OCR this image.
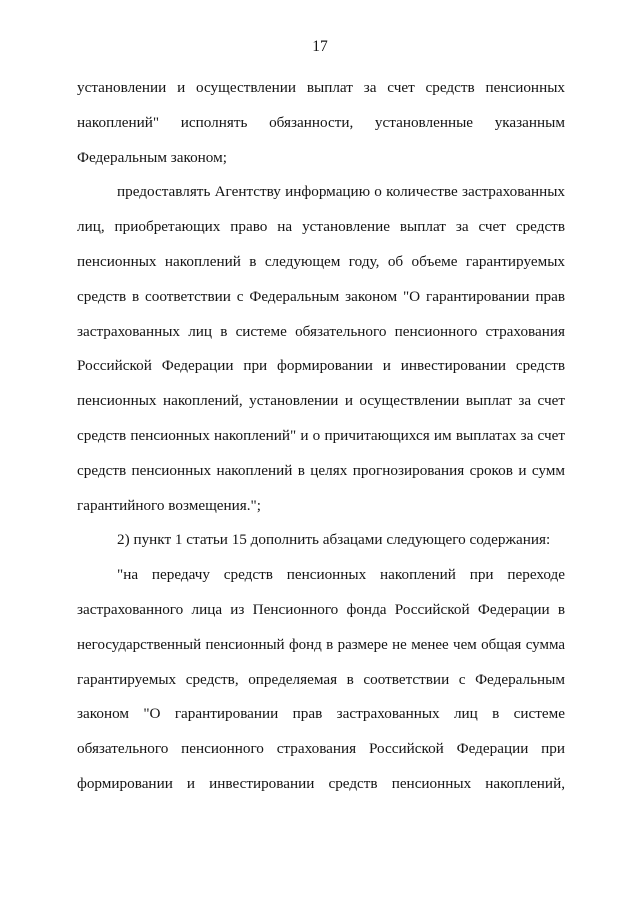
17
установлении и осуществлении выплат за счет средств пенсионных
накоплений" исполнять обязанности, установленные указанным
Федеральным законом;
предоставлять Агентству информацию о количестве застрахованных
лиц, приобретающих право на установление выплат за счет средств
пенсионных накоплений в следующем году, об объеме гарантируемых
средств в соответствии с Федеральным законом "О гарантировании прав
застрахованных лиц в системе обязательного пенсионного страхования
Российской Федерации при формировании и инвестировании средств
пенсионных накоплений, установлении и осуществлении выплат за счет
средств пенсионных накоплений" и о причитающихся им выплатах за счет
средств пенсионных накоплений в целях прогнозирования сроков и сумм
гарантийного возмещения.";
2) пункт 1 статьи 15 дополнить абзацами следующего содержания:
"на передачу средств пенсионных накоплений при переходе
застрахованного лица из Пенсионного фонда Российской Федерации в
негосударственный пенсионный фонд в размере не менее чем общая сумма
гарантируемых средств, определяемая в соответствии с Федеральным
законом "О гарантировании прав застрахованных лиц в системе
обязательного пенсионного страхования Российской Федерации при
формировании и инвестировании средств пенсионных накоплений,
